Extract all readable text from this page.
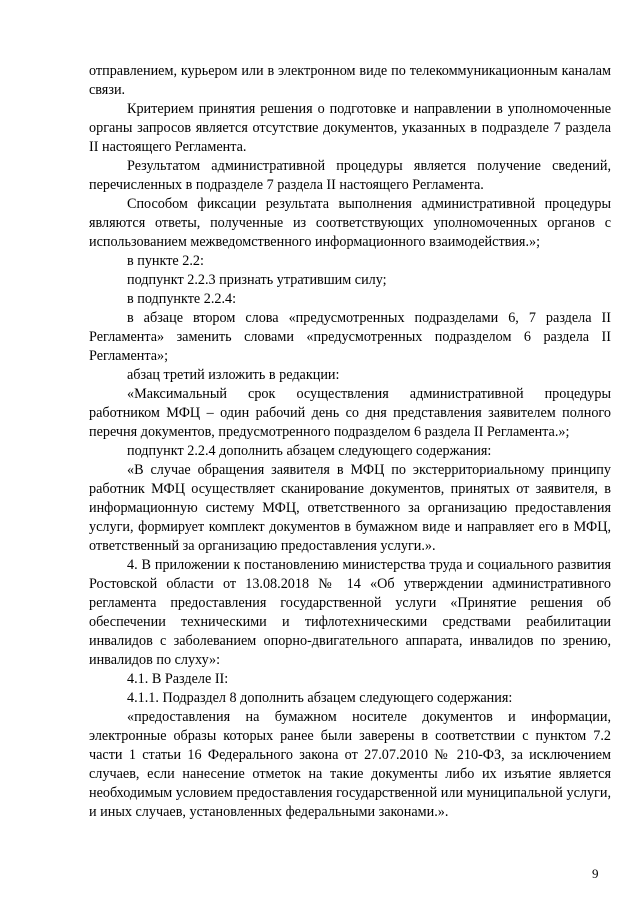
отправлением, курьером или в электронном виде по телекоммуникационным каналам связи.

Критерием принятия решения о подготовке и направлении в уполномоченные органы запросов является отсутствие документов, указанных в подразделе 7 раздела II настоящего Регламента.

Результатом административной процедуры является получение сведений, перечисленных в подразделе 7 раздела II настоящего Регламента.

Способом фиксации результата выполнения административной процедуры являются ответы, полученные из соответствующих уполномоченных органов с использованием межведомственного информационного взаимодействия.»;

в пункте 2.2:

подпункт 2.2.3 признать утратившим силу;

в подпункте 2.2.4:

в абзаце втором слова «предусмотренных подразделами 6, 7 раздела II Регламента» заменить словами «предусмотренных подразделом 6 раздела II Регламента»;

абзац третий изложить в редакции:

«Максимальный срок осуществления административной процедуры работником МФЦ – один рабочий день со дня представления заявителем полного перечня документов, предусмотренного подразделом 6 раздела II Регламента.»;

подпункт 2.2.4 дополнить абзацем следующего содержания:

«В случае обращения заявителя в МФЦ по экстерриториальному принципу работник МФЦ осуществляет сканирование документов, принятых от заявителя, в информационную систему МФЦ, ответственного за организацию предоставления услуги, формирует комплект документов в бумажном виде и направляет его в МФЦ, ответственный за организацию предоставления услуги.».

4. В приложении к постановлению министерства труда и социального развития Ростовской области от 13.08.2018 № 14 «Об утверждении административного регламента предоставления государственной услуги «Принятие решения об обеспечении техническими и тифлотехническими средствами реабилитации инвалидов с заболеванием опорно-двигательного аппарата, инвалидов по зрению, инвалидов по слуху»:

4.1. В Разделе II:

4.1.1. Подраздел 8 дополнить абзацем следующего содержания:

«предоставления на бумажном носителе документов и информации, электронные образы которых ранее были заверены в соответствии с пунктом 7.2 части 1 статьи 16 Федерального закона от 27.07.2010 № 210-ФЗ, за исключением случаев, если нанесение отметок на такие документы либо их изъятие является необходимым условием предоставления государственной или муниципальной услуги, и иных случаев, установленных федеральными законами.».

9
